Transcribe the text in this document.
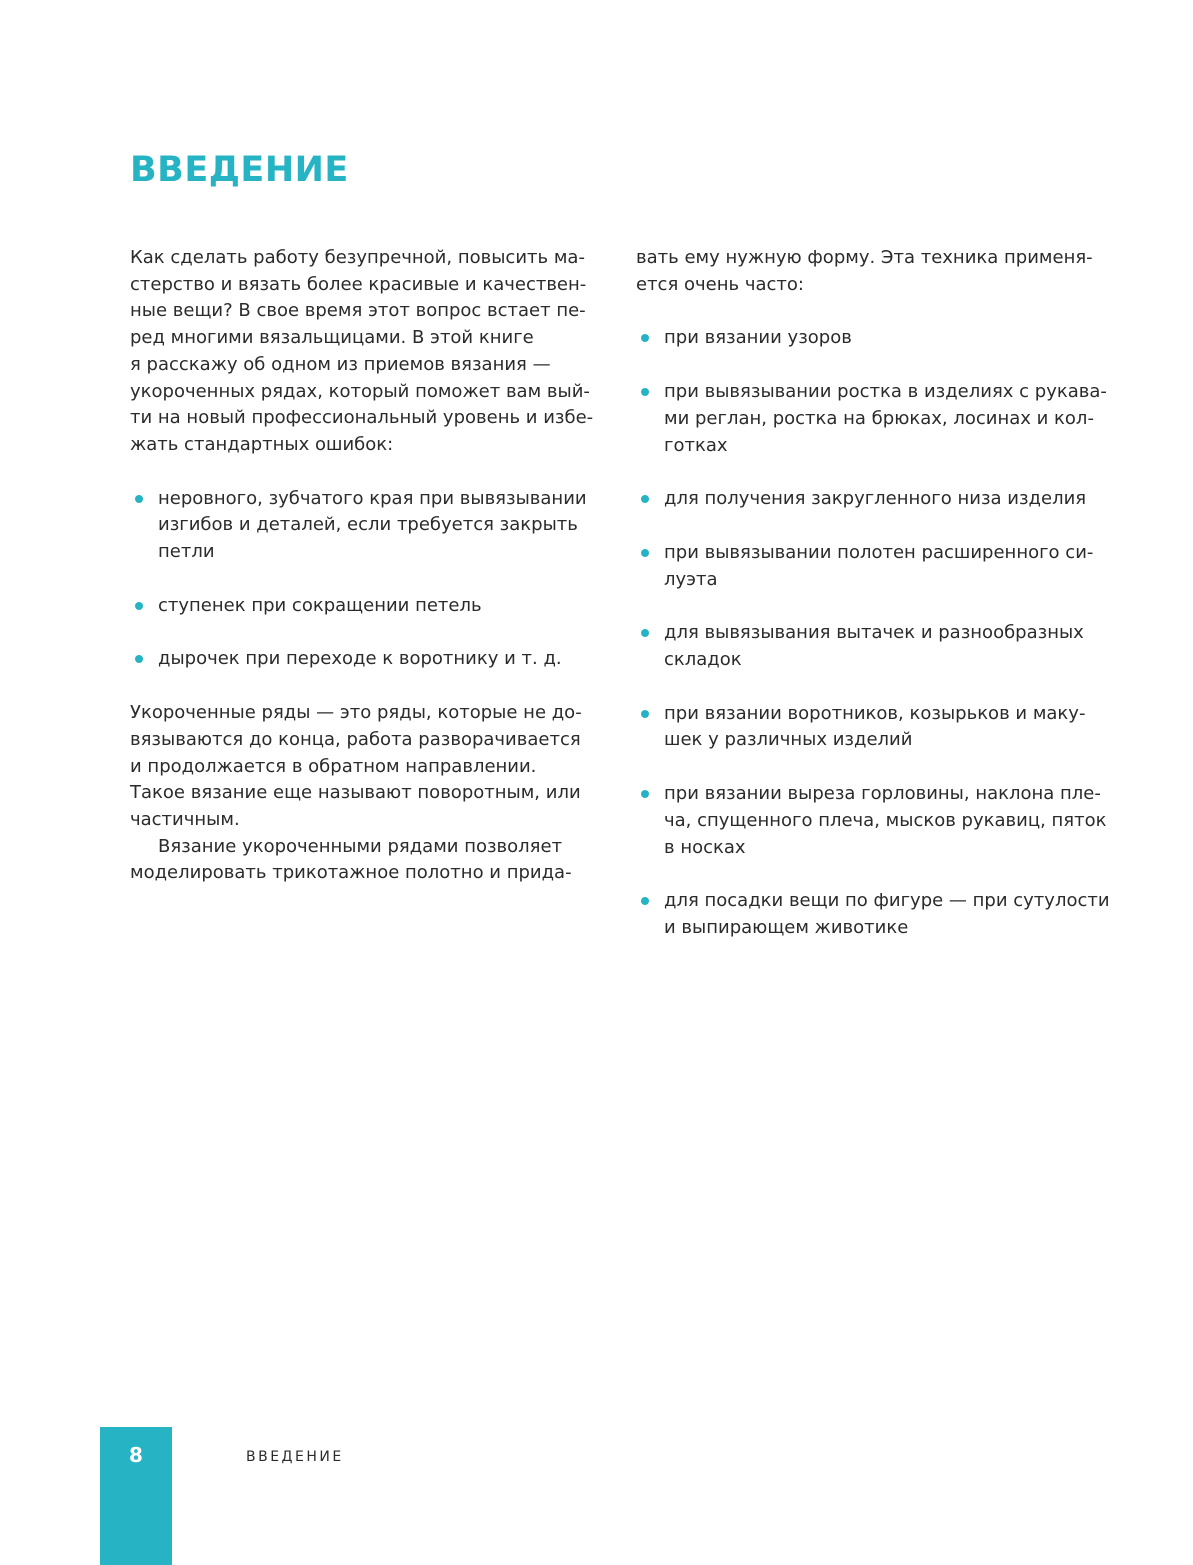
ВВЕДЕНИЕ

Как сделать работу безупречной, повысить ма-
стерство и вязать более красивые и качествен-
ные вещи? В свое время этот вопрос встает пе-
ред многими вязальщицами. В этой книге
я расскажу об одном из приемов вязания —
укороченных рядах, который поможет вам вый-
ти на новый профессиональный уровень и избе-
жать стандартных ошибок:

неровного, зубчатого края при вывязывании
изгибов и деталей, если требуется закрыть
петли
ступенек при сокращении петель
дырочек при переходе к воротнику и т. д.

Укороченные ряды — это ряды, которые не до-
вязываются до конца, работа разворачивается
и продолжается в обратном направлении.
Такое вязание еще называют поворотным, или
частичным.

Вязание укороченными рядами позволяет
моделировать трикотажное полотно и прида-

вать ему нужную форму. Эта техника применя-
ется очень часто:

при вязании узоров
при вывязывании ростка в изделиях с рукава-
ми реглан, ростка на брюках, лосинах и кол-
готках
для получения закругленного низа изделия
при вывязывании полотен расширенного си-
луэта
для вывязывания вытачек и разнообразных
складок
при вязании воротников, козырьков и маку-
шек у различных изделий
при вязании выреза горловины, наклона пле-
ча, спущенного плеча, мысков рукавиц, пяток
в носках
для посадки вещи по фигуре — при сутулости
и выпирающем животике
8	ВВЕДЕНИЕ
